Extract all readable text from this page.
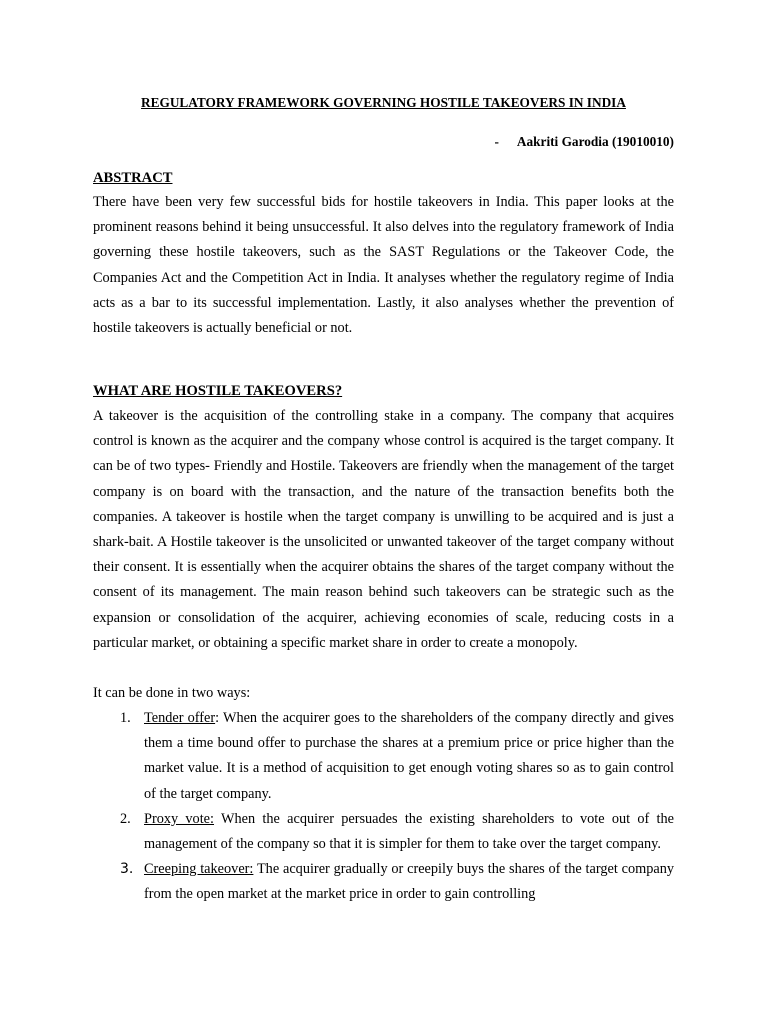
REGULATORY FRAMEWORK GOVERNING HOSTILE TAKEOVERS IN INDIA
- Aakriti Garodia (19010010)
ABSTRACT

There have been very few successful bids for hostile takeovers in India. This paper looks at the prominent reasons behind it being unsuccessful. It also delves into the regulatory framework of India governing these hostile takeovers, such as the SAST Regulations or the Takeover Code, the Companies Act and the Competition Act in India. It analyses whether the regulatory regime of India acts as a bar to its successful implementation. Lastly, it also analyses whether the prevention of hostile takeovers is actually beneficial or not.

WHAT ARE HOSTILE TAKEOVERS?

A takeover is the acquisition of the controlling stake in a company. The company that acquires control is known as the acquirer and the company whose control is acquired is the target company. It can be of two types- Friendly and Hostile. Takeovers are friendly when the management of the target company is on board with the transaction, and the nature of the transaction benefits both the companies. A takeover is hostile when the target company is unwilling to be acquired and is just a shark-bait. A Hostile takeover is the unsolicited or unwanted takeover of the target company without their consent. It is essentially when the acquirer obtains the shares of the target company without the consent of its management. The main reason behind such takeovers can be strategic such as the expansion or consolidation of the acquirer, achieving economies of scale, reducing costs in a particular market, or obtaining a specific market share in order to create a monopoly.

It can be done in two ways:
1. Tender offer: When the acquirer goes to the shareholders of the company directly and gives them a time bound offer to purchase the shares at a premium price or price higher than the market value. It is a method of acquisition to get enough voting shares so as to gain control of the target company.
2. Proxy vote: When the acquirer persuades the existing shareholders to vote out of the management of the company so that it is simpler for them to take over the target company.
3. Creeping takeover: The acquirer gradually or creepily buys the shares of the target company from the open market at the market price in order to gain controlling
